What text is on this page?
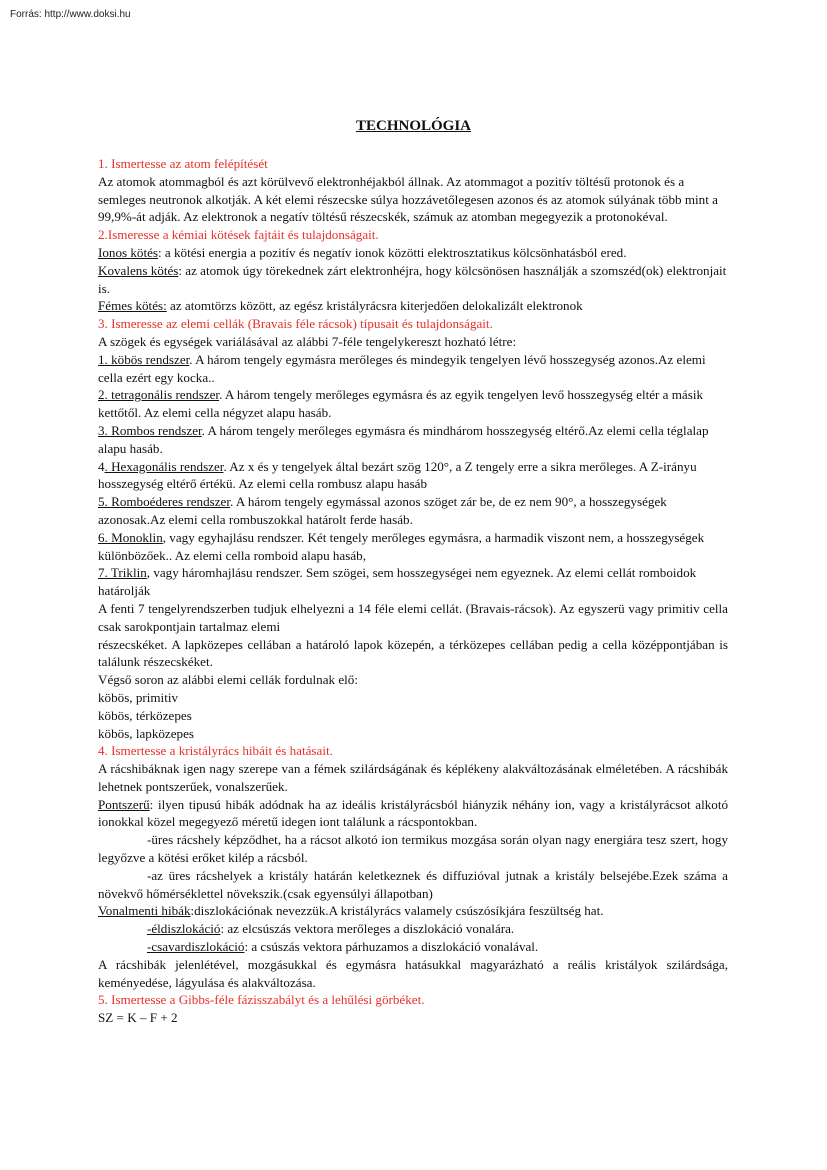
Forrás: http://www.doksi.hu
TECHNOLÓGIA

1. Ismertesse az atom felépítését

Az atomok atommagból és azt körülvevő elektronhéjakból állnak. Az atommagot a pozitív töltésű protonok és a semleges neutronok alkotják. A két elemi részecske súlya hozzávetőlegesen azonos és az atomok súlyának több mint a 99,9%-át adják. Az elektronok a negatív töltésű részecskék, számuk az atomban megegyezik a protonokéval.

2.Ismeresse a kémiai kötések fajtáit és tulajdonságait.

Ionos kötés: a kötési energia a pozitív és negatív ionok közötti elektrosztatikus kölcsönhatásból ered.

Kovalens kötés: az atomok úgy törekednek zárt elektronhéjra, hogy kölcsönösen használják a szomszéd(ok) elektronjait is.

Fémes kötés: az atomtörzs között, az egész kristályrácsra kiterjedően delokalizált elektronok

3. Ismeresse az elemi cellák (Bravais féle rácsok) típusait és tulajdonságait.

A szögek és egységek variálásával az alábbi 7-féle tengelykereszt hozható létre:

1. köbös rendszer. A három tengely egymásra merőleges és mindegyik tengelyen lévő hosszegység azonos.Az elemi cella ezért egy kocka..

2. tetragonális rendszer. A három tengely merőleges egymásra és az egyik tengelyen levő hosszegység eltér a másik kettőtől. Az elemi cella négyzet alapu hasáb.

3. Rombos rendszer. A három tengely merőleges egymásra és mindhárom hosszegység eltérő.Az elemi cella téglalap alapu hasáb.

4. Hexagonális rendszer. Az x és y tengelyek által bezárt szög 120°, a Z tengely erre a sikra merőleges. A Z-irányu hosszegység eltérő értékü. Az elemi cella rombusz alapu hasáb

5. Romboéderes rendszer. A három tengely egymással azonos szöget zár be, de ez nem 90°, a hosszegységek azonosak.Az elemi cella rombuszokkal határolt ferde hasáb.

6. Monoklin, vagy egyhajlásu rendszer. Két tengely merőleges egymásra, a harmadik viszont nem, a hosszegységek különbözőek.. Az elemi cella romboid alapu hasáb,

7. Triklin, vagy háromhajlásu rendszer. Sem szögei, sem hosszegységei nem egyeznek. Az elemi cellát romboidok határolják

A fenti 7 tengelyrendszerben tudjuk elhelyezni a 14 féle elemi cellát. (Bravais-rácsok). Az egyszerü vagy primitiv cella csak sarokpontjain tartalmaz elemi

részecskéket. A lapközepes cellában a határoló lapok közepén, a térközepes cellában pedig a cella középpontjában is találunk részecskéket.

Végső soron az alábbi elemi cellák fordulnak elő:

köbös, primitiv

köbös, térközepes

köbös, lapközepes

4. Ismertesse a kristályrács hibáit és hatásait.

A rácshibáknak igen nagy szerepe van a fémek szilárdságának és képlékeny alakváltozásának elméletében. A rácshibák lehetnek pontszerűek, vonalszerűek.

Pontszerű: ilyen tipusú hibák adódnak ha az ideális kristályrácsból hiányzik néhány ion, vagy a kristályrácsot alkotó ionokkal közel megegyező méretű idegen iont találunk a rácspontokban.

-üres rácshely képződhet, ha a rácsot alkotó ion termikus mozgása során olyan nagy energiára tesz szert, hogy legyőzve a kötési erőket kilép a rácsból.

-az üres rácshelyek a kristály határán keletkeznek és diffuzióval jutnak a kristály belsejébe.Ezek száma a növekvő hőmérséklettel növekszik.(csak egyensúlyi állapotban)

Vonalmenti hibák:diszlokációnak nevezzük.A kristályrács valamely csúszósíkjára feszültség hat.

-éldiszlokáció: az elcsúszás vektora merőleges a diszlokáció vonalára.

-csavardiszlokáció: a csúszás vektora párhuzamos a diszlokáció vonalával.

A rácshibák jelenlétével, mozgásukkal és egymásra hatásukkal magyarázható a reális kristályok szilárdsága, keményedése, lágyulása és alakváltozása.

5. Ismertesse a Gibbs-féle fázisszabályt és a lehűlési görbéket.

SZ = K – F + 2
